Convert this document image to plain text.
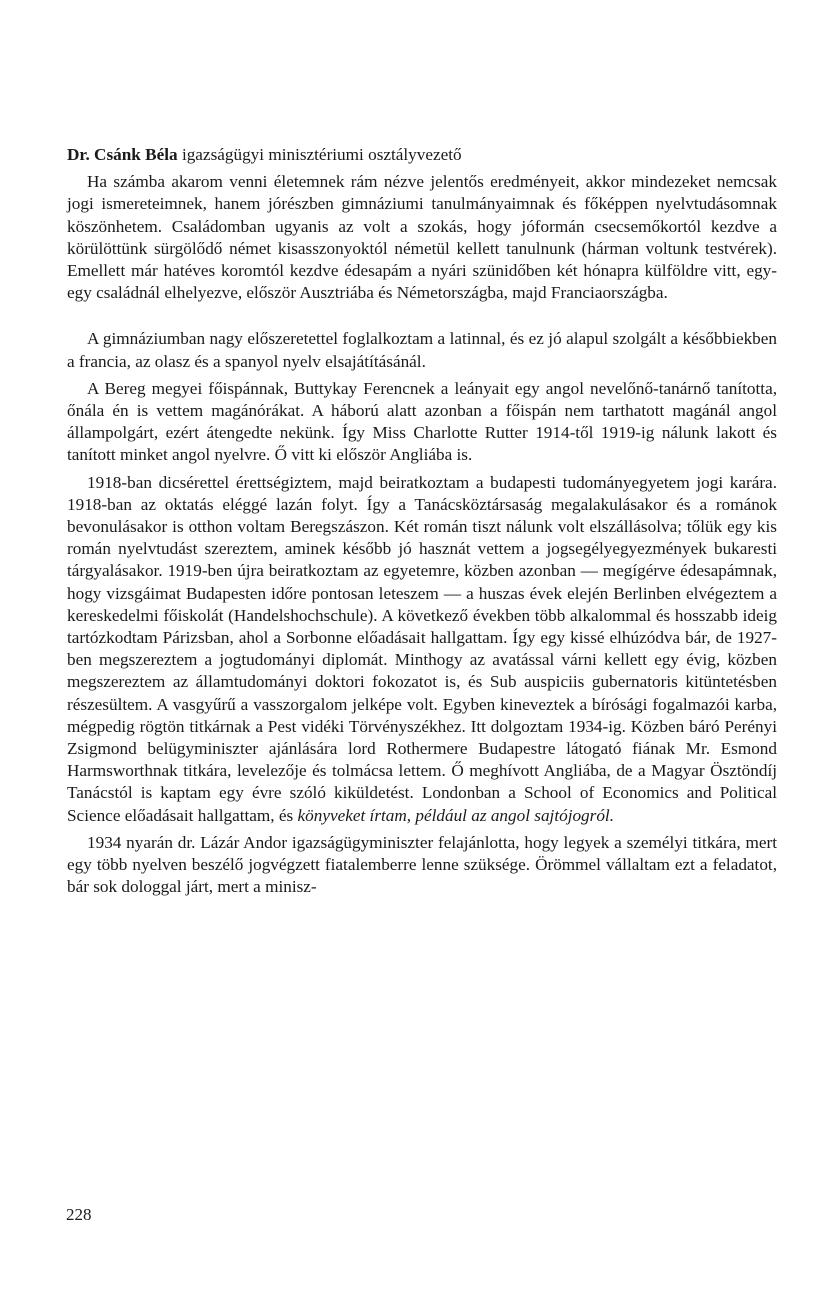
Dr. Csánk Béla igazságügyi minisztériumi osztályvezető

Ha számba akarom venni életemnek rám nézve jelentős eredményeit, akkor mindezeket nemcsak jogi ismereteimnek, hanem jórészben gimnáziumi tanulmányaimnak és főképpen nyelvtudásomnak köszönhetem. Családomban ugyanis az volt a szokás, hogy jóformán csecsemőkortól kezdve a körülöttünk sürgölődő német kisasszonyoktól németül kellett tanulnunk (hárman voltunk testvérek). Emellett már hatéves koromtól kezdve édesapám a nyári szünidőben két hónapra külföldre vitt, egy-egy családnál elhelyezve, először Ausztriába és Németországba, majd Franciaországba.

A gimnáziumban nagy előszeretettel foglalkoztam a latinnal, és ez jó alapul szolgált a későbbiekben a francia, az olasz és a spanyol nyelv elsajátításánál.

A Bereg megyei főispánnak, Buttykay Ferencnek a leányait egy angol nevelőnő-tanárnő tanította, őnála én is vettem magánórákat. A háború alatt azonban a főispán nem tarthatott magánál angol állampolgárt, ezért átengedte nekünk. Így Miss Charlotte Rutter 1914-től 1919-ig nálunk lakott és tanított minket angol nyelvre. Ő vitt ki először Angliába is.

1918-ban dicsérettel érettségiztem, majd beiratkoztam a budapesti tudományegyetem jogi karára. 1918-ban az oktatás eléggé lazán folyt. Így a Tanácsköztársaság megalakulásakor és a románok bevonulásakor is otthon voltam Beregszászon. Két román tiszt nálunk volt elszállásolva; tőlük egy kis román nyelvtudást szereztem, aminek később jó hasznát vettem a jogsegélyegyezmények bukaresti tárgyalásakor. 1919-ben újra beiratkoztam az egyetemre, közben azonban — megígérve édesapámnak, hogy vizsgáimat Budapesten időre pontosan leteszem — a huszas évek elején Berlinben elvégeztem a kereskedelmi főiskolát (Handelshochschule). A következő években több alkalommal és hosszabb ideig tartózkodtam Párizsban, ahol a Sorbonne előadásait hallgattam. Így egy kissé elhúzódva bár, de 1927-ben megszereztem a jogtudományi diplomát. Minthogy az avatással várni kellett egy évig, közben megszereztem az államtudományi doktori fokozatot is, és Sub auspiciis gubernatoris kitüntetésben részesültem. A vasgyűrű a vasszorgalom jelképe volt. Egyben kineveztek a bírósági fogalmazói karba, mégpedig rögtön titkárnak a Pest vidéki Törvényszékhez. Itt dolgoztam 1934-ig. Közben báró Perényi Zsigmond belügyminiszter ajánlására lord Rothermere Budapestre látogató fiának Mr. Esmond Harmsworthnak titkára, levelezője és tolmácsa lettem. Ő meghívott Angliába, de a Magyar Ösztöndíj Tanácstól is kaptam egy évre szóló kiküldetést. Londonban a School of Economics and Political Science előadásait hallgattam, és könyveket írtam, például az angol sajtójogról.

1934 nyarán dr. Lázár Andor igazságügyminiszter felajánlotta, hogy legyek a személyi titkára, mert egy több nyelven beszélő jogvégzett fiatalemberre lenne szüksége. Örömmel vállaltam ezt a feladatot, bár sok dologgal járt, mert a minisz-

228
